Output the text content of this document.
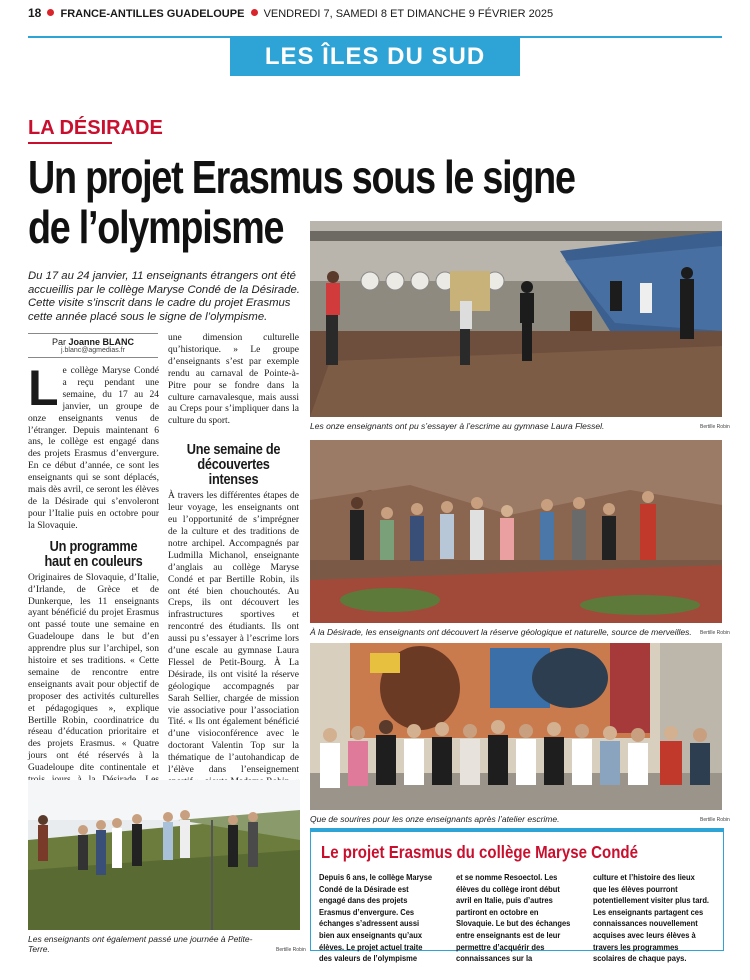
18 FRANCE-ANTILLES GUADELOUPE VENDREDI 7, SAMEDI 8 ET DIMANCHE 9 FÉVRIER 2025
LES ÎLES DU SUD
LA DÉSIRADE
Un projet Erasmus sous le signe
de l’olympisme
Du 17 au 24 janvier, 11 enseignants étrangers ont été accueillis par le collège Maryse Condé de la Désirade. Cette visite s’inscrit dans le cadre du projet Erasmus cette année placé sous le signe de l’olympisme.
Par Joanne BLANC
j.blanc@agmedias.fr

Le collège Maryse Condé a reçu pendant une semaine, du 17 au 24 janvier, un groupe de onze enseignants venus de l’étranger. Depuis maintenant 6 ans, le collège est engagé dans des projets Erasmus d’envergure. En ce début d’année, ce sont les enseignants qui se sont déplacés, mais dès avril, ce seront les élèves de la Désirade qui s’envoleront pour l’Italie puis en octobre pour la Slovaquie.

Un programme haut en couleurs

Originaires de Slovaquie, d’Italie, d’Irlande, de Grèce et de Dunkerque, les 11 enseignants ayant bénéficié du projet Erasmus ont passé toute une semaine en Guadeloupe dans le but d’en apprendre plus sur l’archipel, son histoire et ses traditions. « Cette semaine de rencontre entre enseignants avait pour objectif de proposer des activités culturelles et pédagogiques », explique Bertille Robin, coordinatrice du réseau d’éducation prioritaire et des projets Erasmus. « Quatre jours ont été réservés à la Guadeloupe dite continentale et

une dimension culturelle qu’historique. » Le groupe d’enseignants s’est par exemple rendu au carnaval de Pointe-à-Pitre pour se fondre dans la culture carnavalesque, mais aussi au Creps pour s’impliquer dans la culture du sport.

Une semaine de découvertes intenses

À travers les différentes étapes de leur voyage, les enseignants ont eu l’opportunité de s’imprégner de la culture et des traditions de notre archipel. Accompagnés par Ludmilla Michanol, enseignante d’anglais au collège Maryse Condé et par Bertille Robin, ils ont été bien chouchoutés. Au Creps, ils ont découvert les infrastructures sportives et rencontré des étudiants. Ils ont aussi pu s’essayer à l’escrime lors d’une escale au gymnase Laura Flessel de Petit-Bourg. À La Désirade, ils ont visité la réserve géologique accompagnés par Sarah Sellier, chargée de mission vie associative pour l’association Tité. « Ils ont également bénéficié d’une visioconférence avec le doctorant Valentin Top sur la thématique de l’autohandicap de l’élève dans l’enseignement

Les onze enseignants ont pu s’essayer à l’escrime au gymnase Laura Flessel.	Bertille Robin
À la Désirade, les enseignants ont découvert la réserve géologique et naturelle, source de merveilles.	Bertille Robin
Que de sourires pour les onze enseignants après l’atelier escrime.	Bertille Robin
Les enseignants ont également passé une journée à Petite-Terre.	Bertille Robin
Le projet Erasmus du collège Maryse Condé
Depuis 6 ans, le collège Maryse Condé de la Désirade est engagé dans des projets Erasmus d’envergure. Ces échanges s’adressent aussi bien aux enseignants qu’aux élèves. Le projet actuel traite des valeurs de l’olympisme
et se nomme Resoectol. Les élèves du collège iront début avril en Italie, puis d’autres partiront en octobre en Slovaquie. Le but des échanges entre enseignants est de leur permettre d’acquérir des connaissances sur la
culture et l’histoire des lieux que les élèves pourront potentiellement visiter plus tard. Les enseignants partagent ces connaissances nouvellement acquises avec leurs élèves à travers les programmes scolaires de chaque pays.
